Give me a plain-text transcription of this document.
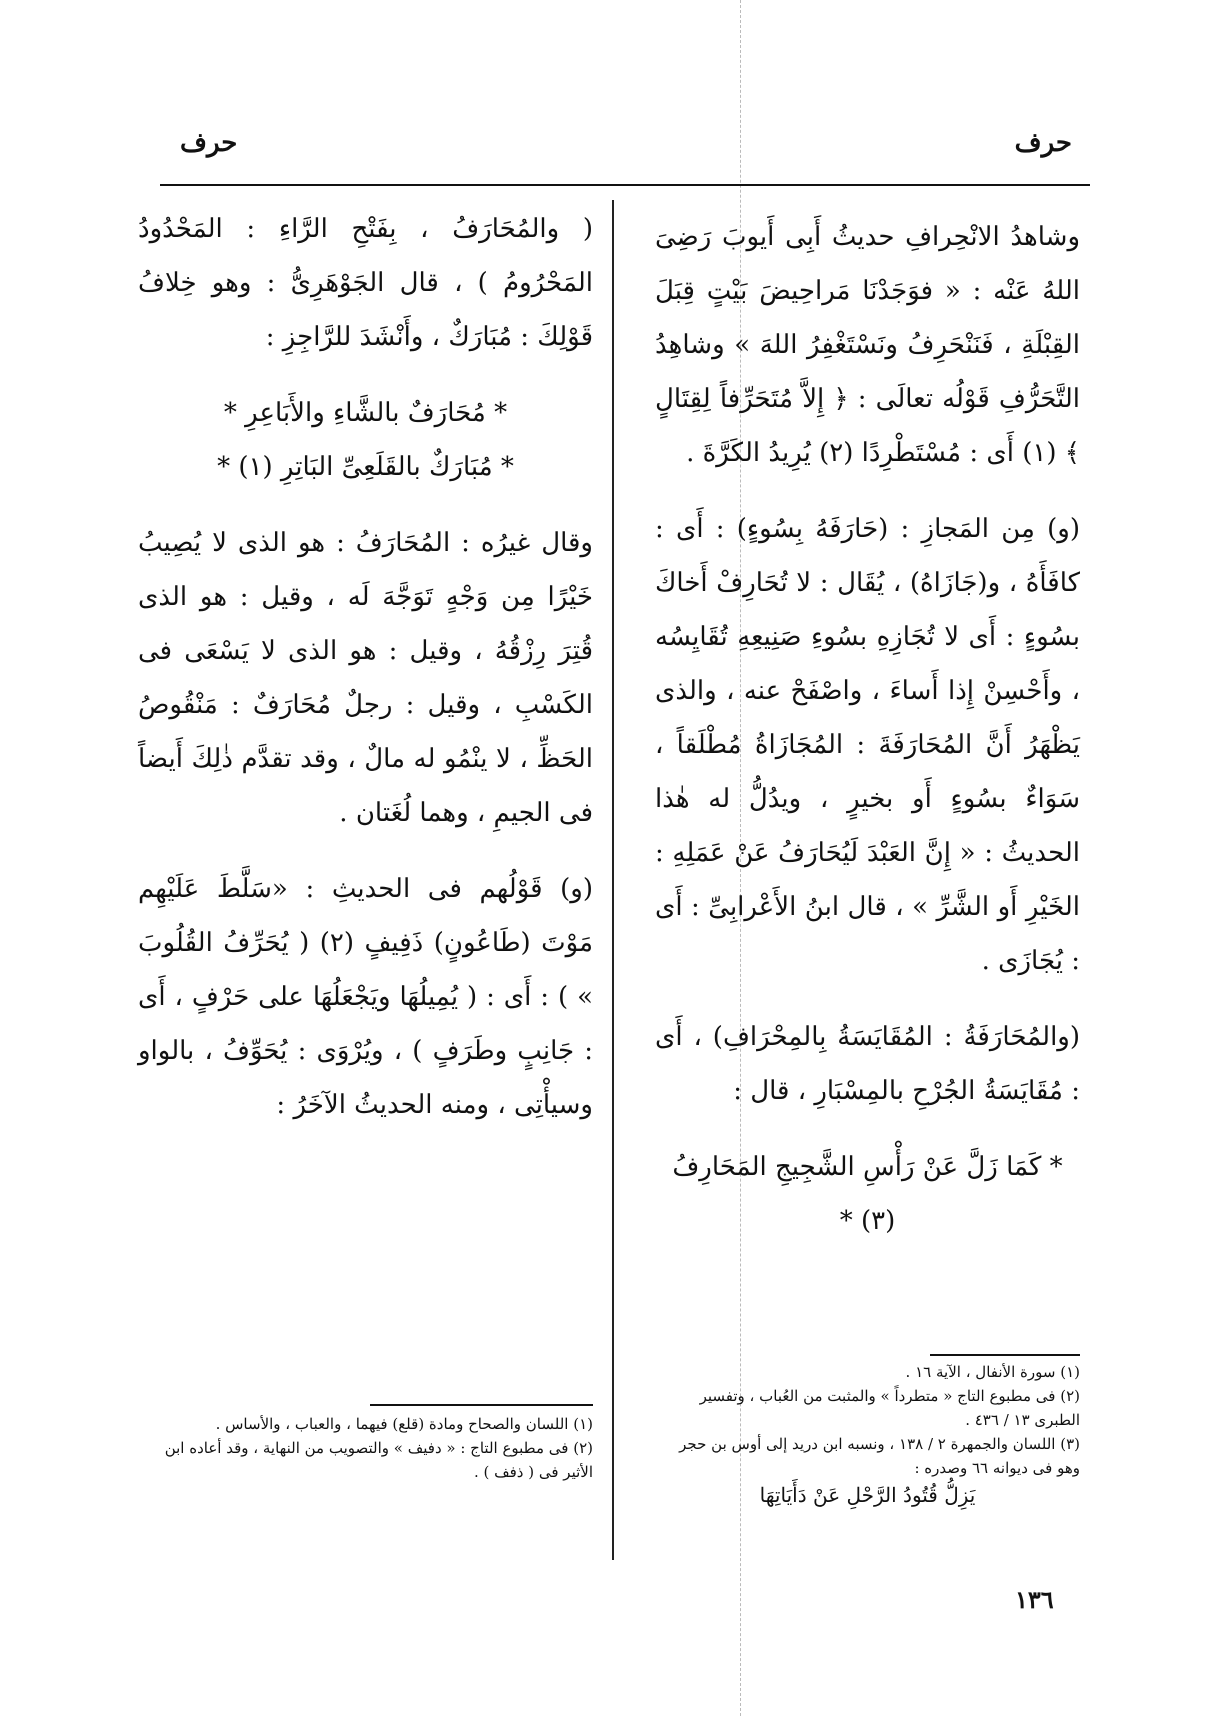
حرف
حرف

وشاهدُ الانْحِرافِ حديثُ أَبِى أَيوبَ رَضِىَ اللهُ عَنْه : « فوَجَدْنَا مَراحِيضَ بَيْتٍ قِبَلَ القِبْلَةِ ، فَنَنْحَرِفُ ونَسْتَغْفِرُ اللهَ » وشاهِدُ التَّحَرُّفِ قَوْلُه تعالَى : ﴿ إِلاَّ مُتَحَرِّفاً لِقِتَالٍ ﴾ (١) أَى : مُسْتَطْرِدًا (٢) يُرِيدُ الكَرَّةَ .

(و) مِن المَجازِ : (حَارَفَهُ بِسُوءٍ) : أَى : كافَأَهُ ، و(جَازَاهُ) ، يُقَال : لا تُحَارِفْ أَخاكَ بسُوءٍ : أَى لا تُجَازِهِ بسُوءِ صَنِيعِهِ تُقَايِسُه ، وأَحْسِنْ إِذا أَساءَ ، واصْفَحْ عنه ، والذى يَظْهَرُ أَنَّ المُحَارَفَةَ : المُجَازَاةُ مُطْلَقاً ، سَوَاءٌ بسُوءٍ أَو بخيرٍ ، ويدُلُّ له هٰذا الحديثُ : « إِنَّ العَبْدَ لَيُحَارَفُ عَنْ عَمَلِهِ : الخَيْرِ أَو الشَّرِّ » ، قال ابنُ الأَعْرابِىِّ : أَى : يُجَازَى .

(والمُحَارَفَةُ : المُقَايَسَةُ بِالمِحْرَافِ) ، أَى : مُقَايَسَةُ الجُرْحِ بالمِسْبَارِ ، قال :

* كَمَا زَلَّ عَنْ رَأْسِ الشَّجِيجِ المَحَارِفُ (٣) *

( والمُحَارَفُ ، بِفَتْحِ الرَّاءِ : المَحْدُودُ المَحْرُومُ ) ، قال الجَوْهَرِىُّ : وهو خِلافُ قَوْلِكَ : مُبَارَكٌ ، وأَنْشَدَ للرَّاجِزِ :

* مُحَارَفٌ بالشَّاءِ والأَبَاعِرِ *

* مُبَارَكٌ بالقَلَعِىِّ البَاتِرِ (١) *

وقال غيرُه : المُحَارَفُ : هو الذى لا يُصِيبُ خَيْرًا مِن وَجْهٍ تَوَجَّهَ لَه ، وقيل : هو الذى قُتِرَ رِزْقُهُ ، وقيل : هو الذى لا يَسْعَى فى الكَسْبِ ، وقيل : رجلٌ مُحَارَفٌ : مَنْقُوصُ الحَظِّ ، لا ينْمُو له مالٌ ، وقد تقدَّم ذٰلِكَ أَيضاً فى الجيمِ ، وهما لُغَتان .

(و) قَوْلُهم فى الحديثِ : «سَلَّطَ عَلَيْهِم مَوْتَ (طَاعُونٍ) ذَفِيفٍ (٢) ( يُحَرِّفُ القُلُوبَ » ) : أَى : ( يُمِيلُهَا ويَجْعَلُهَا على حَرْفٍ ، أَى : جَانِبٍ وطَرَفٍ ) ، ويُرْوَى : يُحَوِّفُ ، بالواو وسيأْتِى ، ومنه الحديثُ الآخَرُ :

(١) سورة الأنفال ، الآية ١٦ .
(٢) فى مطبوع التاج « متطرداً » والمثبت من العُباب ، وتفسير الطبرى ١٣ / ٤٣٦ .
(٣) اللسان والجمهرة ٢ / ١٣٨ ، ونسبه ابن دريد إلى أوس بن حجر وهو فى ديوانه ٦٦ وصدره :
يَزِلُّ قُتُودُ الرَّحْلِ عَنْ دَأَيَاتِهَا
(١) اللسان والصحاح ومادة (قلع) فيهما ، والعباب ، والأساس .
(٢) فى مطبوع التاج : « دفيف » والتصويب من النهاية ، وقد أعاده ابن الأثير فى ( ذفف ) .
١٣٦
